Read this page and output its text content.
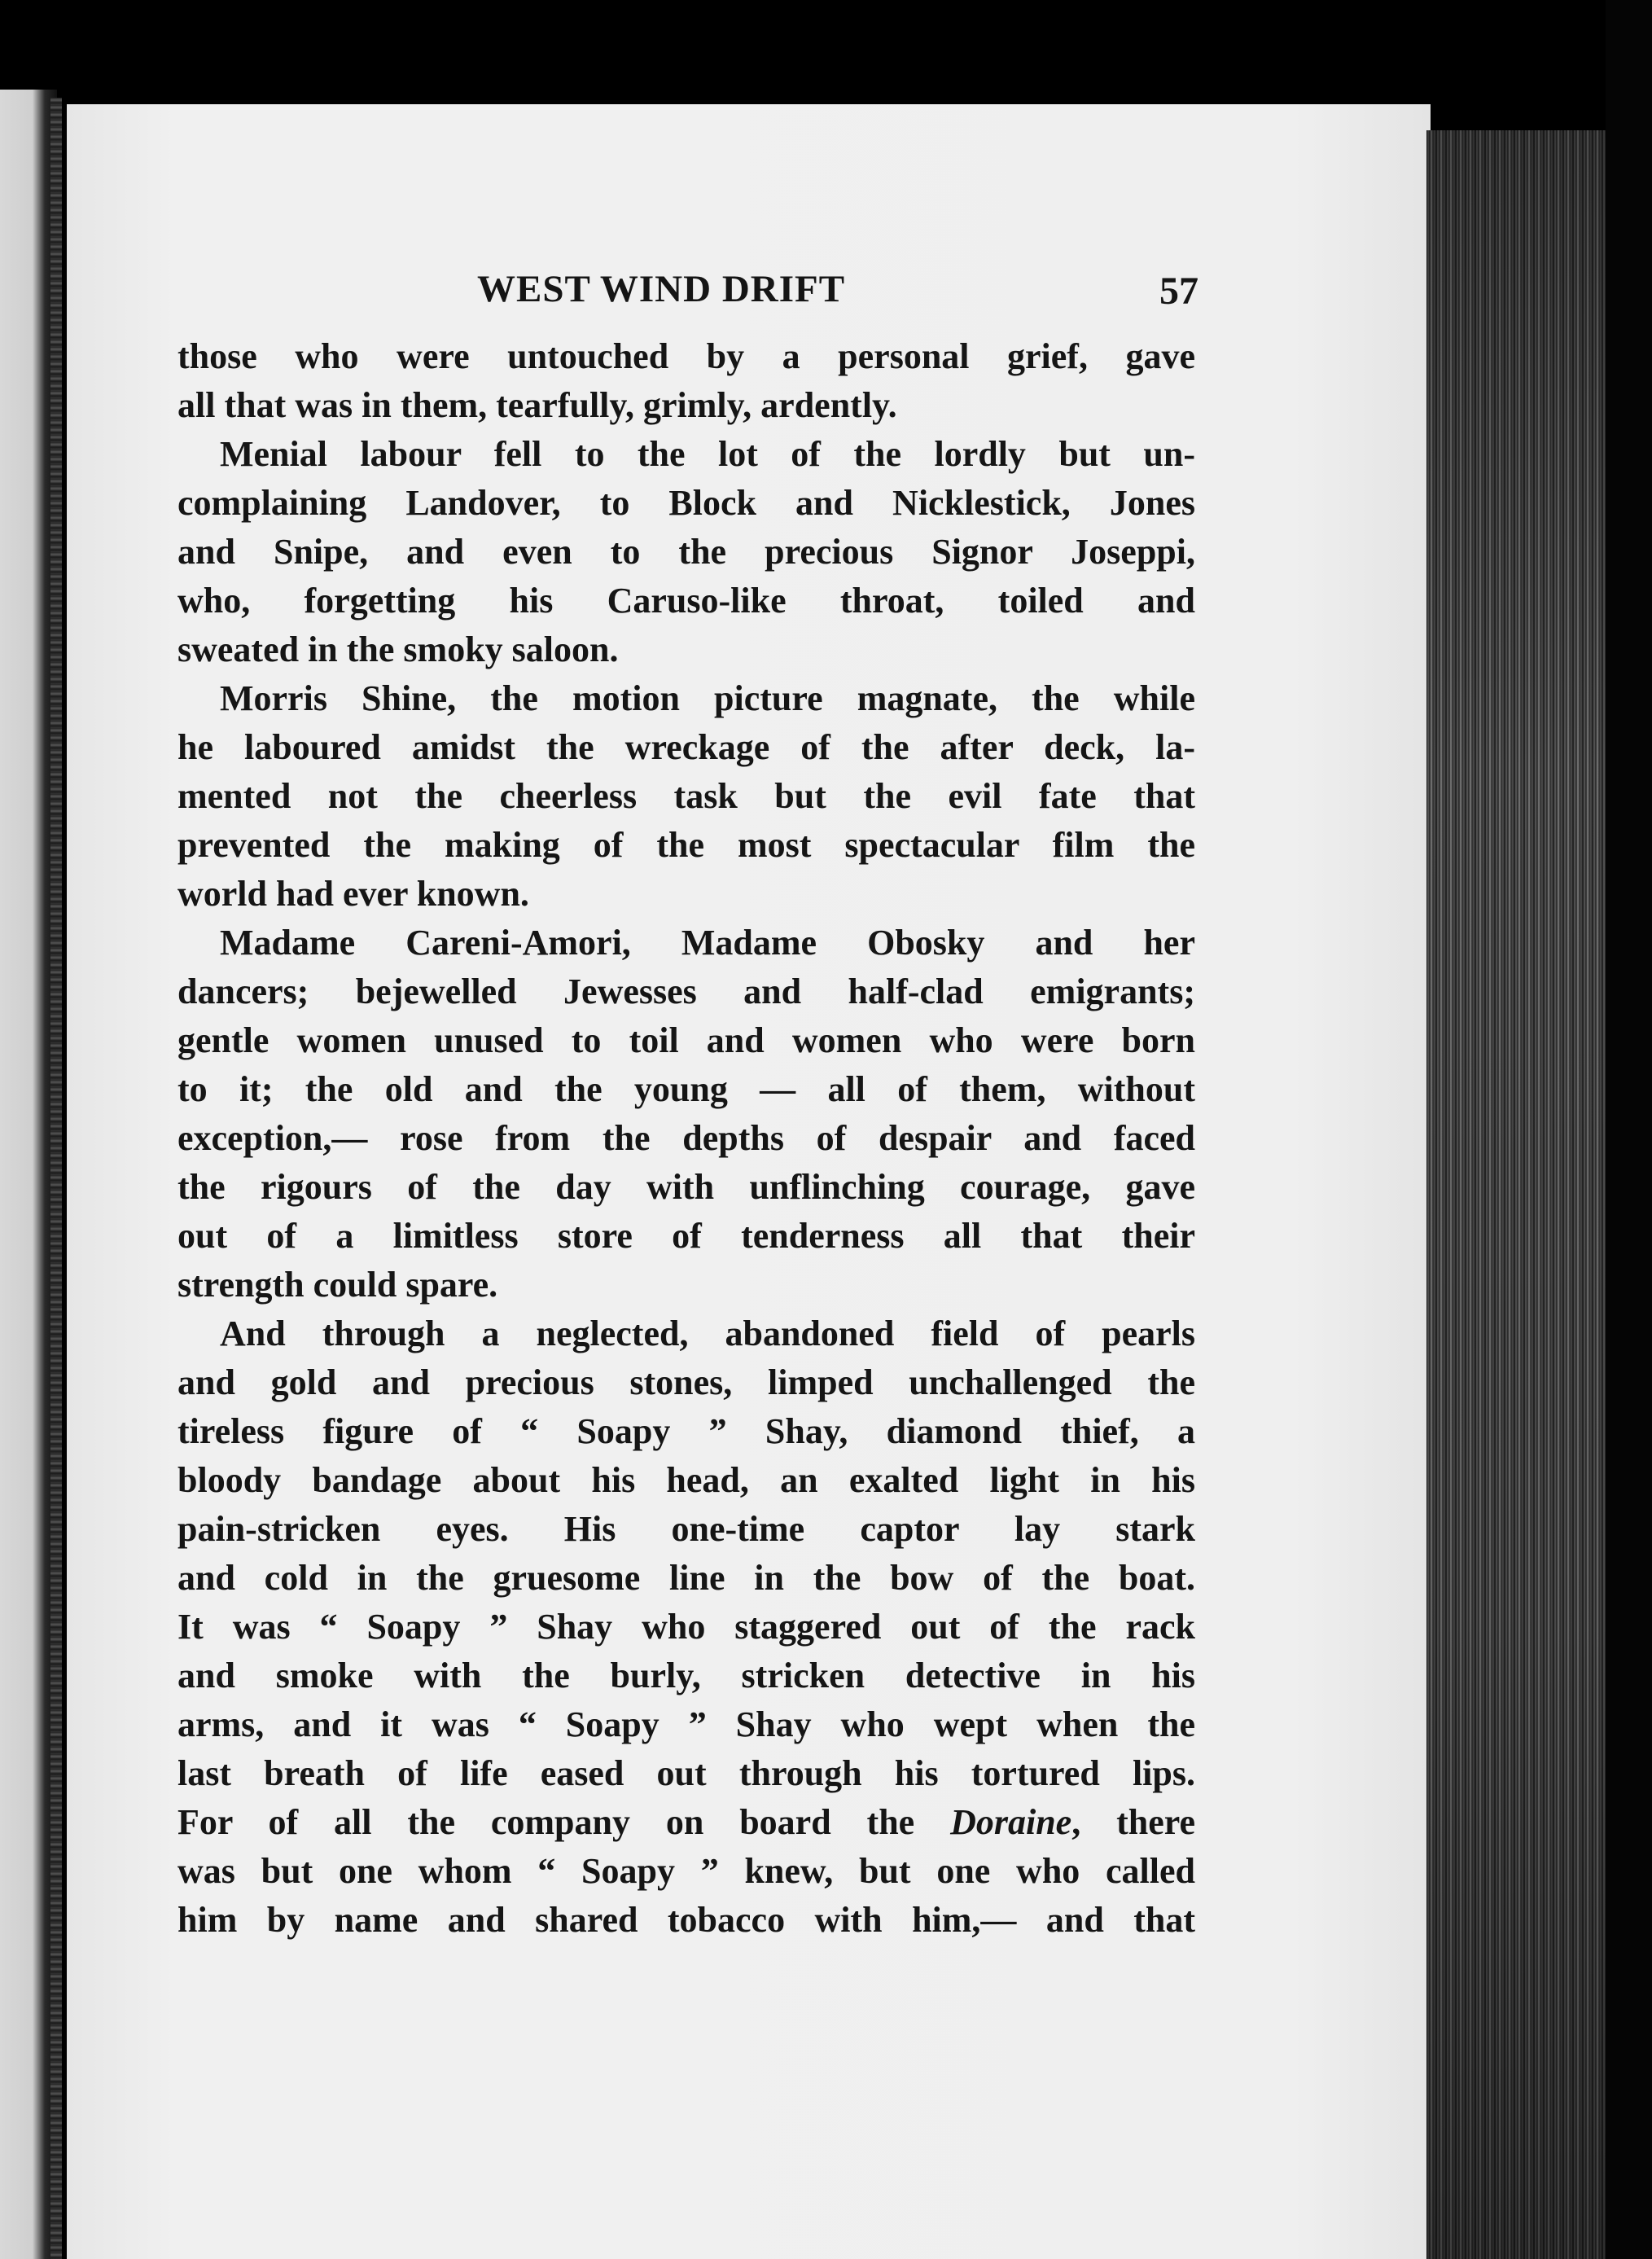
WEST WIND DRIFT	57
those who were untouched by a personal grief, gave
all that was in them, tearfully, grimly, ardently.
Menial labour fell to the lot of the lordly but un-
complaining Landover, to Block and Nicklestick, Jones
and Snipe, and even to the precious Signor Joseppi,
who, forgetting his Caruso-like throat, toiled and
sweated in the smoky saloon.
Morris Shine, the motion picture magnate, the while
he laboured amidst the wreckage of the after deck, la-
mented not the cheerless task but the evil fate that
prevented the making of the most spectacular film the
world had ever known.
Madame Careni-Amori, Madame Obosky and her
dancers; bejewelled Jewesses and half-clad emigrants;
gentle women unused to toil and women who were born
to it; the old and the young — all of them, without
exception,— rose from the depths of despair and faced
the rigours of the day with unflinching courage, gave
out of a limitless store of tenderness all that their
strength could spare.
And through a neglected, abandoned field of pearls
and gold and precious stones, limped unchallenged the
tireless figure of “ Soapy ” Shay, diamond thief, a
bloody bandage about his head, an exalted light in his
pain-stricken eyes. His one-time captor lay stark
and cold in the gruesome line in the bow of the boat.
It was “ Soapy ” Shay who staggered out of the rack
and smoke with the burly, stricken detective in his
arms, and it was “ Soapy ” Shay who wept when the
last breath of life eased out through his tortured lips.
For of all the company on board the Doraine, there
was but one whom “ Soapy ” knew, but one who called
him by name and shared tobacco with him,— and that
